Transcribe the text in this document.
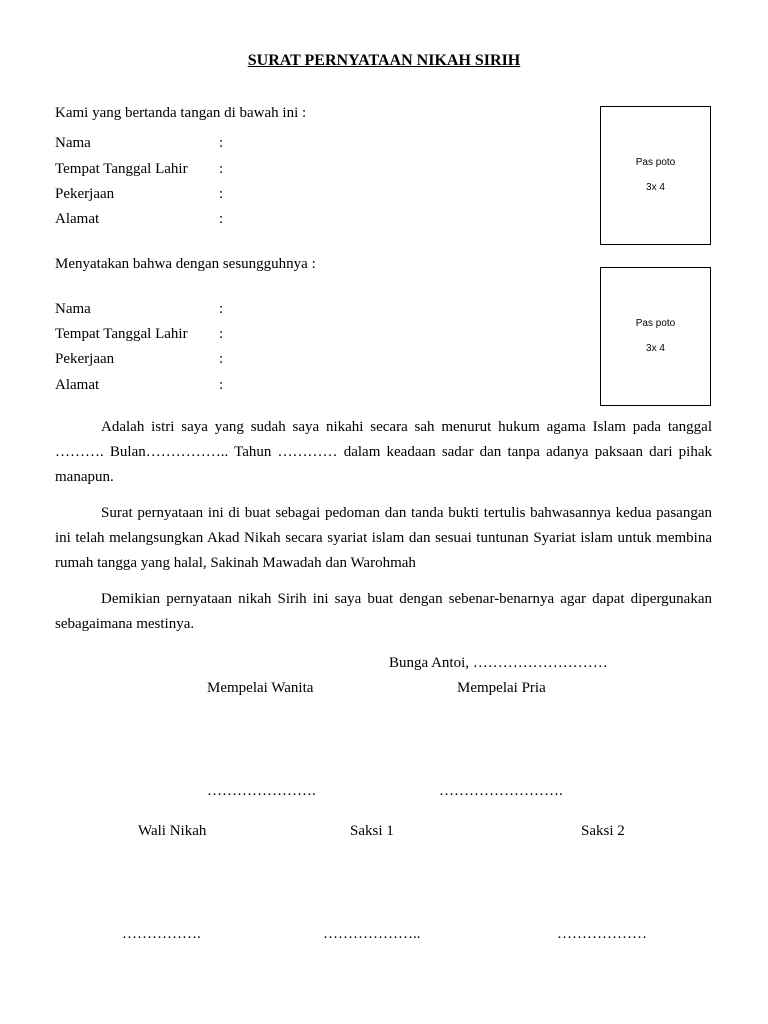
SURAT PERNYATAAN NIKAH SIRIH
Kami yang bertanda tangan di bawah ini :
Nama	:
Tempat Tanggal Lahir :
Pekerjaan	:
Alamat	:
Pas poto
3x 4
Menyatakan bahwa dengan sesungguhnya :
Nama	:
Tempat Tanggal Lahir :
Pekerjaan	:
Alamat	:
Pas poto
3x 4
Adalah istri saya yang sudah saya nikahi secara sah menurut hukum agama Islam pada tanggal ………. Bulan…………….. Tahun ………… dalam keadaan sadar dan tanpa adanya paksaan dari pihak manapun.
Surat pernyataan ini di buat sebagai pedoman dan tanda bukti tertulis bahwasannya kedua pasangan ini telah melangsungkan Akad Nikah secara syariat islam dan sesuai tuntunan Syariat islam untuk membina rumah tangga yang halal, Sakinah Mawadah dan Warohmah
Demikian pernyataan nikah Sirih ini saya buat dengan sebenar-benarnya agar dapat dipergunakan sebagaimana mestinya.
Bunga Antoi, ………………………
Mempelai Wanita	Mempelai Pria
………………….	…………………….
Wali Nikah	Saksi 1	Saksi 2
…………….	………………..	………………
